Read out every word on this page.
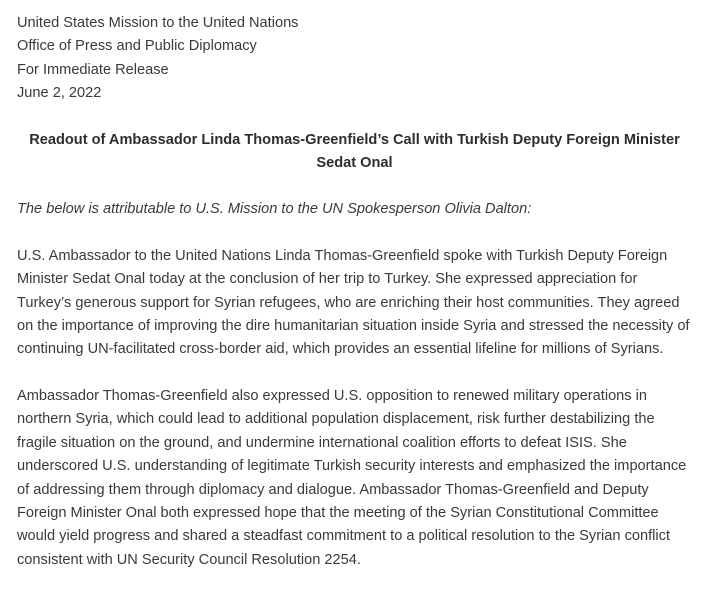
United States Mission to the United Nations
Office of Press and Public Diplomacy
For Immediate Release
June 2, 2022

Readout of Ambassador Linda Thomas-Greenfield’s Call with Turkish Deputy Foreign Minister Sedat Onal

The below is attributable to U.S. Mission to the UN Spokesperson Olivia Dalton:

U.S. Ambassador to the United Nations Linda Thomas-Greenfield spoke with Turkish Deputy Foreign Minister Sedat Onal today at the conclusion of her trip to Turkey. She expressed appreciation for Turkey’s generous support for Syrian refugees, who are enriching their host communities. They agreed on the importance of improving the dire humanitarian situation inside Syria and stressed the necessity of continuing UN-facilitated cross-border aid, which provides an essential lifeline for millions of Syrians.

Ambassador Thomas-Greenfield also expressed U.S. opposition to renewed military operations in northern Syria, which could lead to additional population displacement, risk further destabilizing the fragile situation on the ground, and undermine international coalition efforts to defeat ISIS. She underscored U.S. understanding of legitimate Turkish security interests and emphasized the importance of addressing them through diplomacy and dialogue. Ambassador Thomas-Greenfield and Deputy Foreign Minister Onal both expressed hope that the meeting of the Syrian Constitutional Committee would yield progress and shared a steadfast commitment to a political resolution to the Syrian conflict consistent with UN Security Council Resolution 2254.
